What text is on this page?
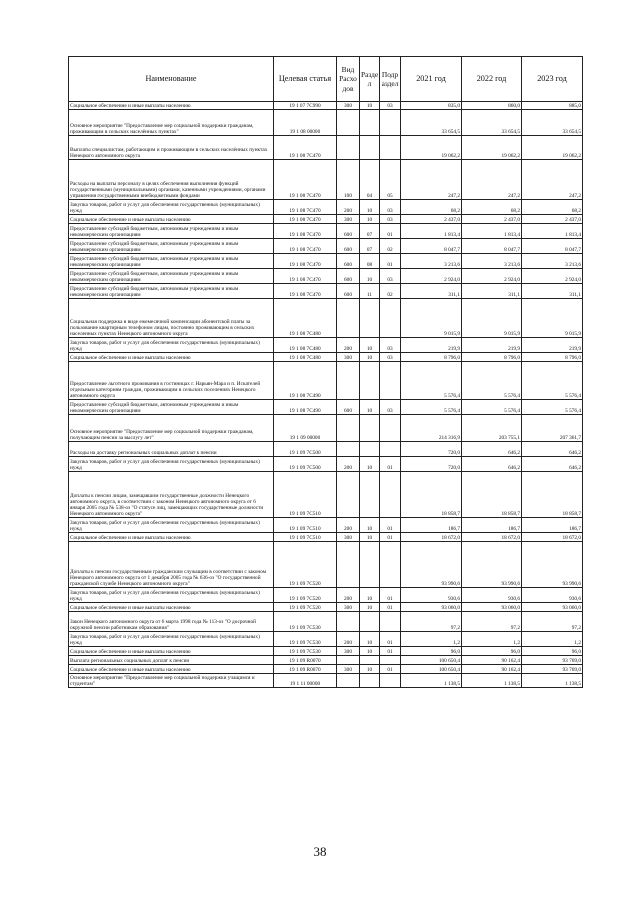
Наименование	Целевая статья	Вид Расхо дов	Разде л	Подр аздел	2021 год	2022 год	2023 год
Социальное обеспечение и иные выплаты населению	19 1 07 7С990	300	10	03	835,0	860,0	885,0
Основное мероприятие "Предоставление мер социальной поддержки гражданам, проживающим в сельских населённых пунктах"	19 1 08 00000				33 654,5	33 654,5	33 654,5
Выплаты специалистам, работающим и проживающим в сельских населённых пунктах Ненецкого автономного округа	19 1 08 7С470				19 062,2	19 062,2	19 062,2
Расходы на выплаты персоналу в целях обеспечения выполнения функций государственными (муниципальными) органами, казенными учреждениями, органами управления государственными внебюджетными фондами	19 1 08 7С470	100	04	05	247,2	247,2	247,2
Закупка товаров, работ и услуг для обеспечения государственных (муниципальных) нужд	19 1 08 7С470	200	10	03	68,2	68,2	68,2
Социальное обеспечение и иные выплаты населению	19 1 08 7С470	300	10	03	2 437,0	2 437,0	2 437,0
Предоставление субсидий бюджетным, автономным учреждениям и иным некоммерческим организациям	19 1 08 7С470	600	07	01	1 813,4	1 813,4	1 813,4
Предоставление субсидий бюджетным, автономным учреждениям и иным некоммерческим организациям	19 1 08 7С470	600	07	02	8 047,7	8 047,7	8 047,7
Предоставление субсидий бюджетным, автономным учреждениям и иным некоммерческим организациям	19 1 08 7С470	600	08	01	3 213,6	3 213,6	3 213,6
Предоставление субсидий бюджетным, автономным учреждениям и иным некоммерческим организациям	19 1 08 7С470	600	10	03	2 924,0	2 924,0	2 924,0
Предоставление субсидий бюджетным, автономным учреждениям и иным некоммерческим организациям	19 1 08 7С470	600	11	02	311,1	311,1	311,1
Социальная поддержка в виде ежемесячной компенсации абонентской платы за пользование квартирным телефоном лицам, постоянно проживающим в сельских населенных пунктах Ненецкого автономного округа	19 1 08 7С480				9 015,9	9 015,9	9 015,9
Закупка товаров, работ и услуг для обеспечения государственных (муниципальных) нужд	19 1 08 7С480	200	10	03	219,9	219,9	219,9
Социальное обеспечение и иные выплаты населению	19 1 08 7С480	300	10	03	8 796,0	8 796,0	8 796,0
Предоставление льготного проживания в гостиницах г. Нарьян-Мара и п. Искателей отдельным категориям граждан, проживающим в сельских поселениях Ненецкого автономного округа	19 1 08 7С490				5 576,4	5 576,4	5 576,4
Предоставление субсидий бюджетным, автономным учреждениям и иным некоммерческим организациям	19 1 08 7С490	600	10	03	5 576,4	5 576,4	5 576,4
Основное мероприятие "Предоставление мер социальной поддержки гражданам, получающим пенсии за выслугу лет"	19 1 09 00000				214 316,9	203 755,1	207 361,7
Расходы на доставку региональных социальных доплат к пенсии	19 1 09 7С500				720,0	646,2	646,2
Закупка товаров, работ и услуг для обеспечения государственных (муниципальных) нужд	19 1 09 7С500	200	10	01	720,0	646,2	646,2
Доплаты к пенсии лицам, замещавшим государственные должности Ненецкого автономного округа, в соответствии с законом Ненецкого автономного округа от 6 января 2005 года № 538-оз "О статусе лиц, замещающих государственные должности Ненецкого автономного округа"	19 1 09 7С510				18 858,7	18 858,7	18 858,7
Закупка товаров, работ и услуг для обеспечения государственных (муниципальных) нужд	19 1 09 7С510	200	10	01	186,7	186,7	186,7
Социальное обеспечение и иные выплаты населению	19 1 09 7С510	300	10	01	18 672,0	18 672,0	18 672,0
Доплаты к пенсии государственным гражданским служащим в соответствии с законом Ненецкого автономного округа от 1 декабря 2005 года № 636-оз "О государственной гражданской службе Ненецкого автономного округа"	19 1 09 7С520				93 990,6	93 990,6	93 990,6
Закупка товаров, работ и услуг для обеспечения государственных (муниципальных) нужд	19 1 09 7С520	200	10	01	930,6	930,6	930,6
Социальное обеспечение и иные выплаты населению	19 1 09 7С520	300	10	01	93 060,0	93 060,0	93 060,0
Закон Ненецкого автономного округа от 6 марта 1998 года № 113-оз "О досрочной окружной пенсии работникам образования"	19 1 09 7С530				97,2	97,2	97,2
Закупка товаров, работ и услуг для обеспечения государственных (муниципальных) нужд	19 1 09 7С530	200	10	01	1,2	1,2	1,2
Социальное обеспечение и иные выплаты населению	19 1 09 7С530	300	10	01	96,0	96,0	96,0
Выплата региональных социальных доплат к пенсии	19 1 09 R0070				100 650,4	90 162,4	93 769,0
Социальное обеспечение и иные выплаты населению	19 1 09 R0070	300	10	01	100 650,4	90 162,4	93 769,0
Основное мероприятие "Предоставление мер социальной поддержки учащимся и студентам"	19 1 11 00000				1 138,5	1 138,5	1 138,5
38
